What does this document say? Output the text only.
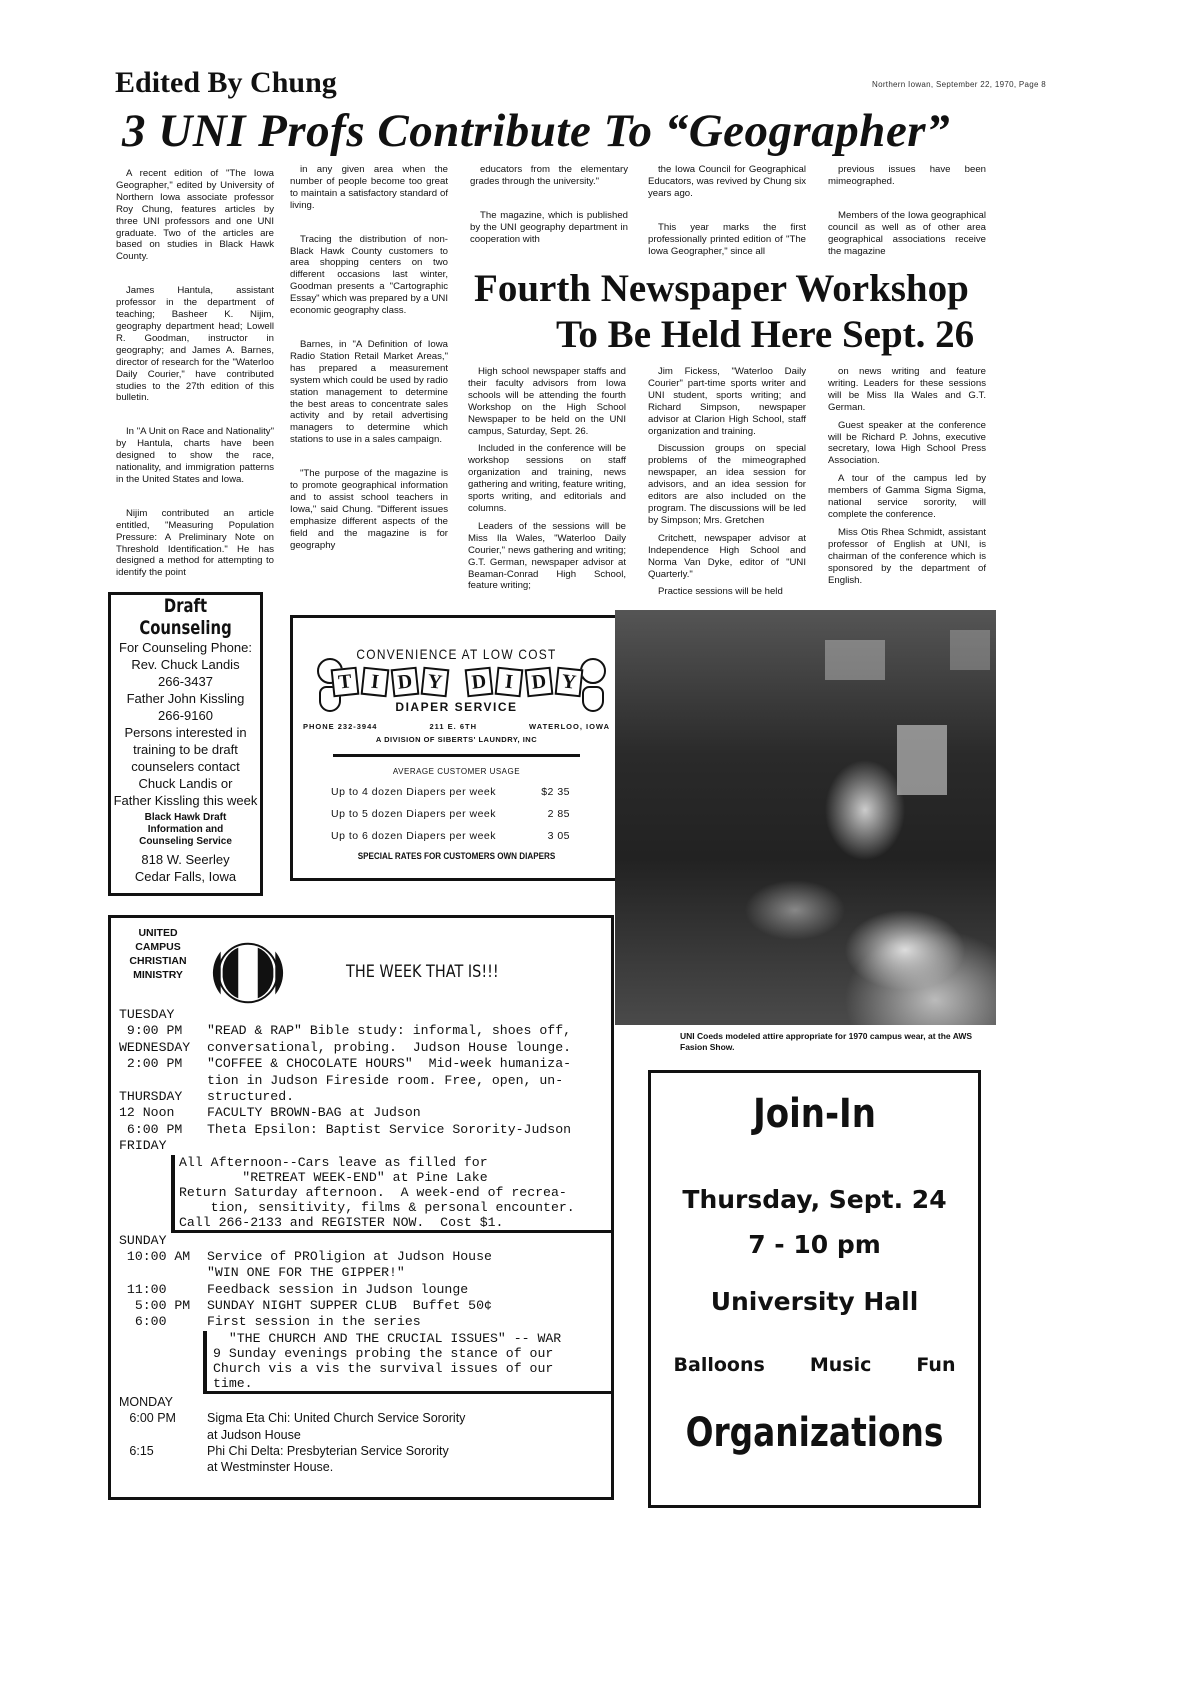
Edited By Chung	Northern Iowan, September 22, 1970, Page 8
3 UNI Profs Contribute To “Geographer”

A recent edition of "The Iowa Geographer," edited by University of Northern Iowa associate professor Roy Chung, features articles by three UNI professors and one UNI graduate. Two of the articles are based on studies in Black Hawk County.

James Hantula, assistant professor in the department of teaching; Basheer K. Nijim, geography department head; Lowell R. Goodman, instructor in geography; and James A. Barnes, director of research for the "Waterloo Daily Courier," have contributed studies to the 27th edition of this bulletin.

In "A Unit on Race and Nationality" by Hantula, charts have been designed to show the race, nationality, and immigration patterns in the United States and Iowa.

Nijim contributed an article entitled, "Measuring Population Pressure: A Preliminary Note on Threshold Identification." He has designed a method for attempting to identify the point

in any given area when the number of people become too great to maintain a satisfactory standard of living.

Tracing the distribution of non-Black Hawk County customers to area shopping centers on two different occasions last winter, Goodman presents a "Cartographic Essay" which was prepared by a UNI economic geography class.

Barnes, in "A Definition of Iowa Radio Station Retail Market Areas," has prepared a measurement system which could be used by radio station management to determine the best areas to concentrate sales activity and by retail advertising managers to determine which stations to use in a sales campaign.

"The purpose of the magazine is to promote geographical information and to assist school teachers in Iowa," said Chung. "Different issues emphasize different aspects of the field and the magazine is for geography

educators from the elementary grades through the university."

The magazine, which is published by the UNI geography department in cooperation with

the Iowa Council for Geographical Educators, was revived by Chung six years ago.

This year marks the first professionally printed edition of "The Iowa Geographer," since all

previous issues have been mimeographed.

Members of the Iowa geographical council as well as of other area geographical associations receive the magazine

Fourth Newspaper Workshop
To Be Held Here Sept. 26

High school newspaper staffs and their faculty advisors from Iowa schools will be attending the fourth Workshop on the High School Newspaper to be held on the UNI campus, Saturday, Sept. 26.

Included in the conference will be workshop sessions on staff organization and training, news gathering and writing, feature writing, sports writing, and editorials and columns.

Leaders of the sessions will be Miss Ila Wales, "Waterloo Daily Courier," news gathering and writing; G.T. German, newspaper advisor at Beaman-Conrad High School, feature writing;

Jim Fickess, "Waterloo Daily Courier" part-time sports writer and UNI student, sports writing; and Richard Simpson, newspaper advisor at Clarion High School, staff organization and training.

Discussion groups on special problems of the mimeographed newspaper, an idea session for advisors, and an idea session for editors are also included on the program. The discussions will be led by Simpson; Mrs. Gretchen

Critchett, newspaper advisor at Independence High School and Norma Van Dyke, editor of "UNI Quarterly."

Practice sessions will be held

on news writing and feature writing. Leaders for these sessions will be Miss Ila Wales and G.T. German.

Guest speaker at the conference will be Richard P. Johns, executive secretary, Iowa High School Press Association.

A tour of the campus led by members of Gamma Sigma Sigma, national service sorority, will complete the conference.

Miss Otis Rhea Schmidt, assistant professor of English at UNI, is chairman of the conference which is sponsored by the department of English.

Draft
Counseling
For Counseling Phone:
Rev. Chuck Landis
266-3437
Father John Kissling
266-9160
Persons interested in
training to be draft
counselers contact
Chuck Landis or
Father Kissling this week
Black Hawk Draft
Information and
Counseling Service
818 W. Seerley
Cedar Falls, Iowa
CONVENIENCE AT LOW COST
T I D Y	D I D Y
DIAPER SERVICE
PHONE 232-3944	211 E. 6TH	WATERLOO, IOWA
A DIVISION OF SIBERTS' LAUNDRY, INC
AVERAGE CUSTOMER USAGE
Up to 4 dozen Diapers per week	$2 35
Up to 5 dozen Diapers per week	2 85
Up to 6 dozen Diapers per week	3 05
SPECIAL RATES FOR CUSTOMERS OWN DIAPERS
UNI Coeds modeled attire appropriate for 1970 campus wear, at the AWS Fasion Show.
Join-In
Thursday, Sept. 24
7 - 10 pm
University Hall
Balloons Music Fun
Organizations
UNITED
CAMPUS
CHRISTIAN
MINISTRY	THE WEEK THAT IS!!!
TUESDAY
9:00 PM	"READ & RAP" Bible study: informal, shoes off,
WEDNESDAY	conversational, probing.  Judson House lounge.
2:00 PM	"COFFEE & CHOCOLATE HOURS"  Mid-week humaniza-
tion in Judson Fireside room. Free, open, un-
THURSDAY	structured.
12 Noon	FACULTY BROWN-BAG at Judson
6:00 PM	Theta Epsilon: Baptist Service Sorority-Judson
FRIDAY
All Afternoon--Cars leave as filled for
"RETREAT WEEK-END" at Pine Lake
Return Saturday afternoon.  A week-end of recrea-
tion, sensitivity, films & personal encounter.
Call 266-2133 and REGISTER NOW.  Cost $1.
SUNDAY
10:00 AM	Service of PROligion at Judson House
"WIN ONE FOR THE GIPPER!"
11:00	Feedback session in Judson lounge
5:00 PM	SUNDAY NIGHT SUPPER CLUB  Buffet 50¢
6:00	First session in the series
"THE CHURCH AND THE CRUCIAL ISSUES" -- WAR
9 Sunday evenings probing the stance of our
Church vis a vis the survival issues of our
time.
MONDAY
6:00 PM	Sigma Eta Chi: United Church Service Sorority
at Judson House
6:15	Phi Chi Delta: Presbyterian Service Sorority
at Westminster House.
